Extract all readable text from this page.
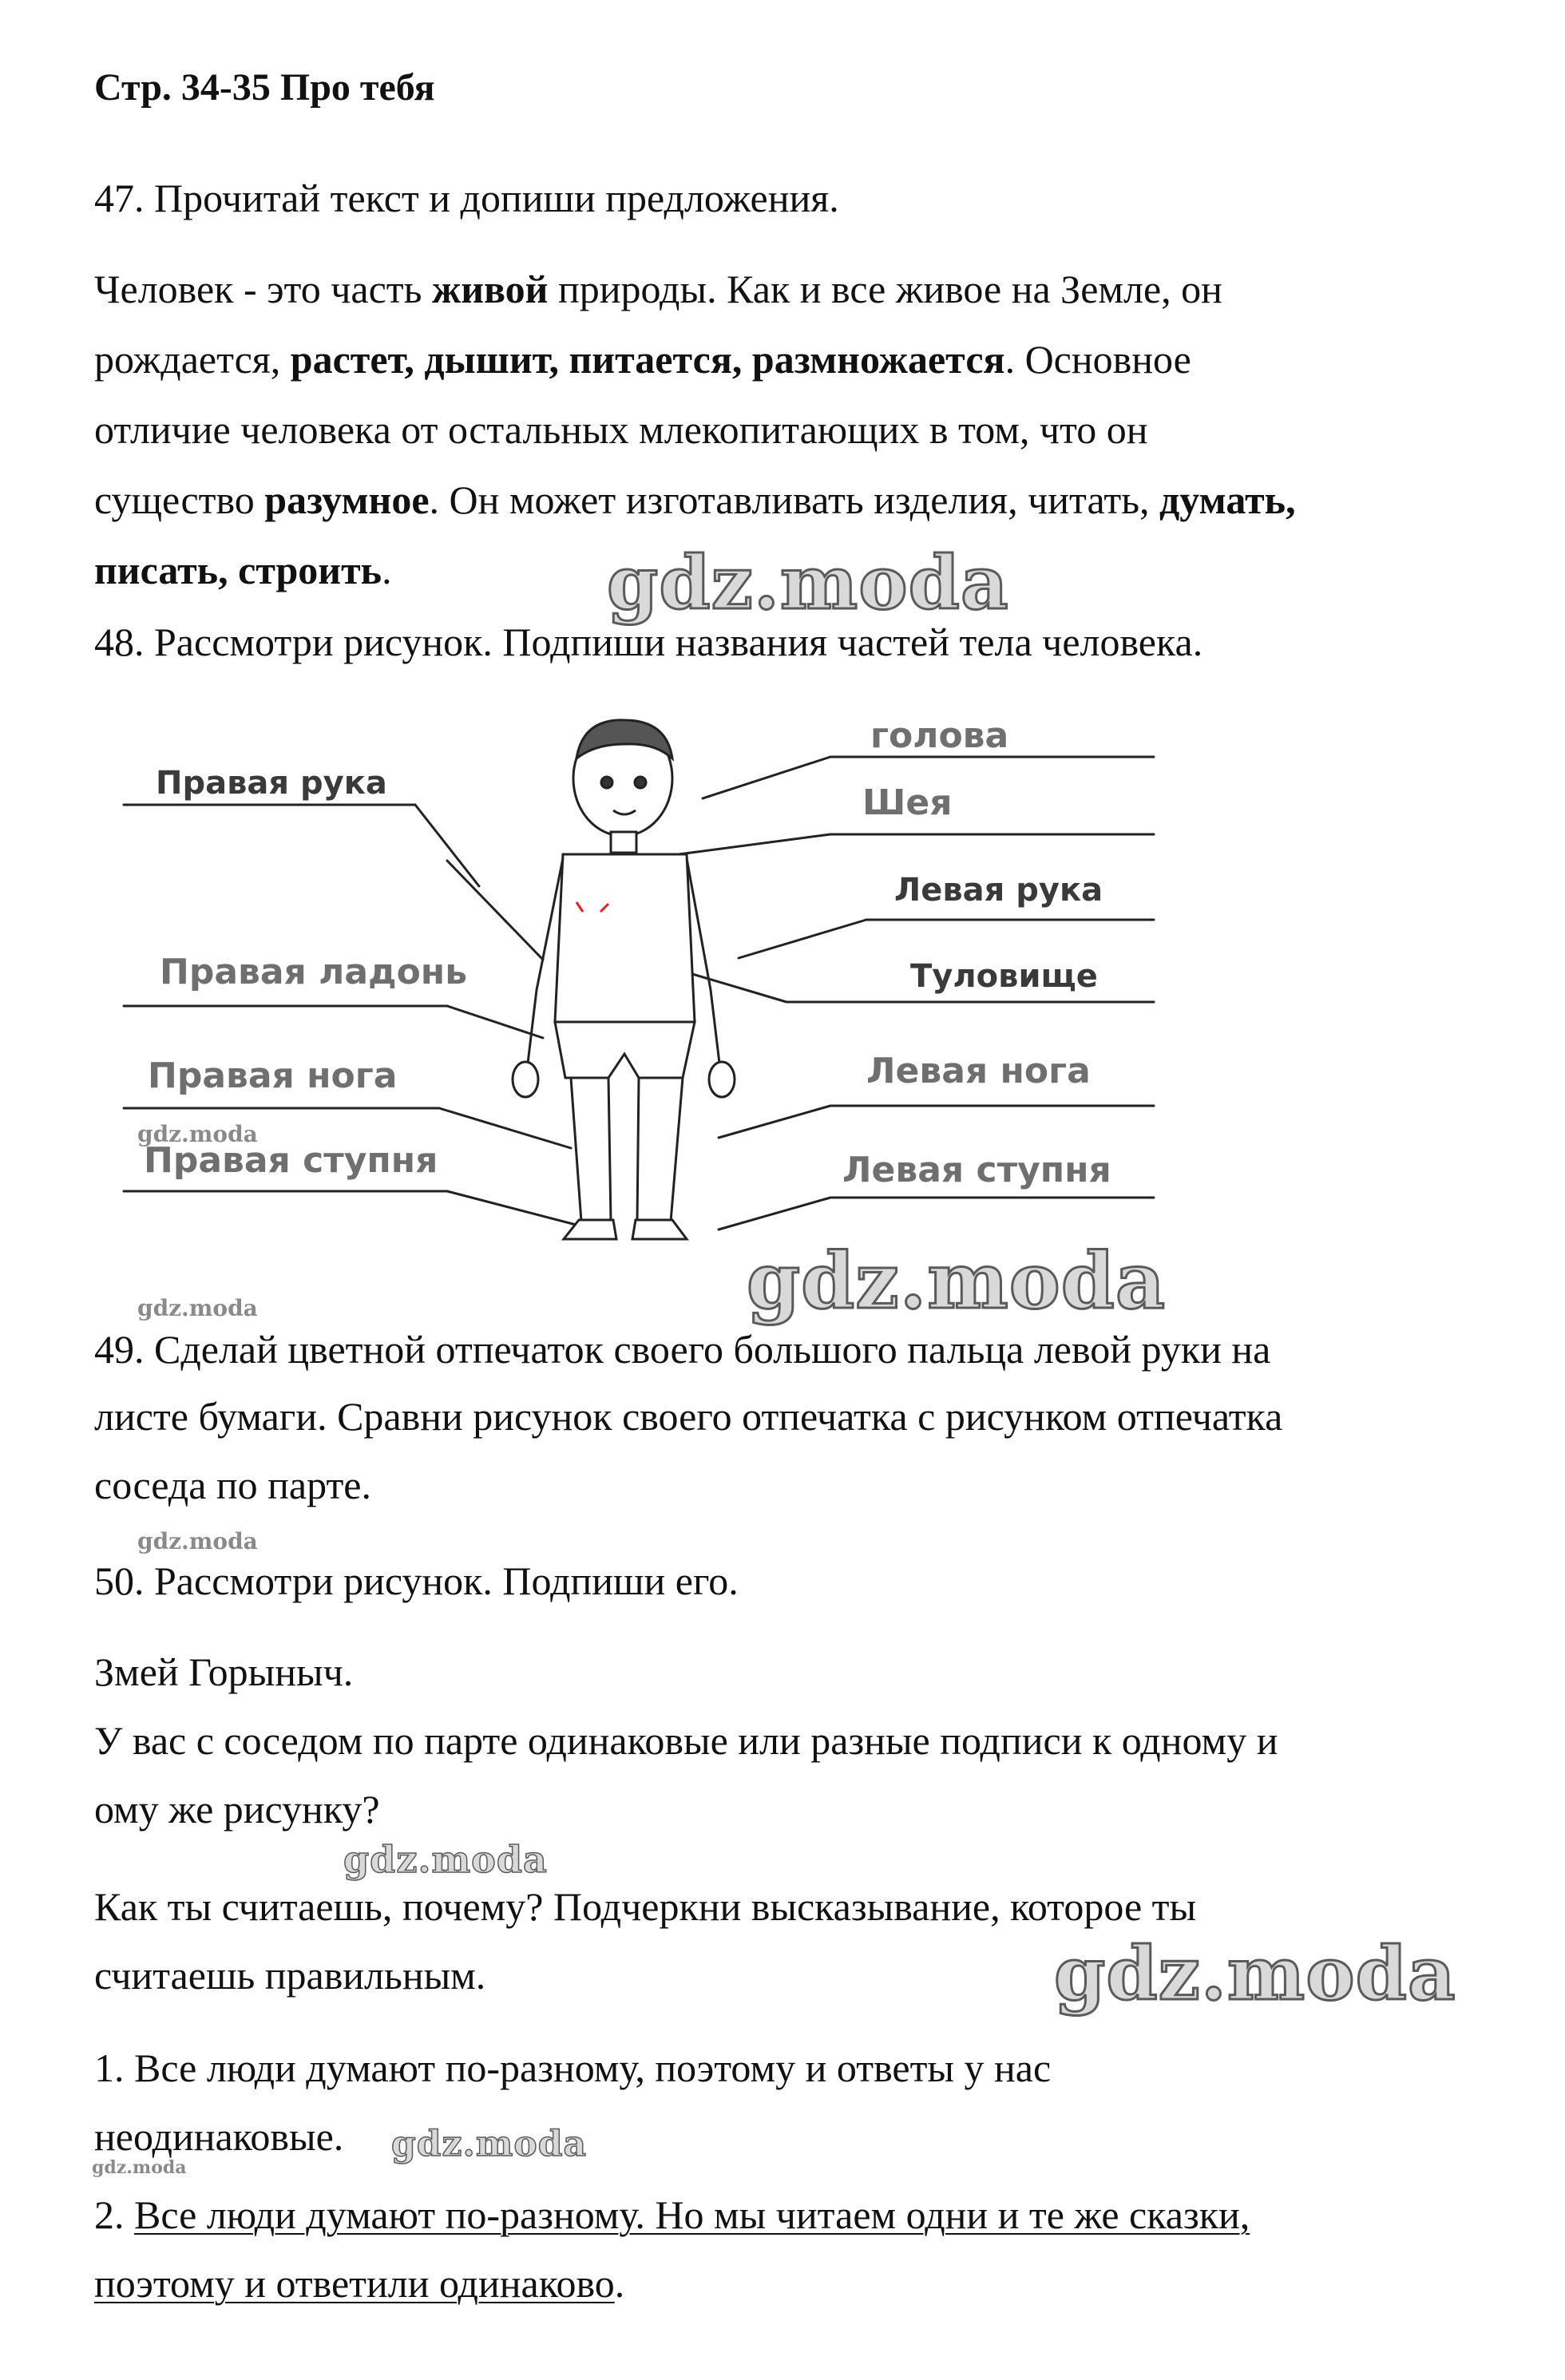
Стр. 34-35 Про тебя
47. Прочитай текст и допиши предложения.
Человек - это часть живой природы. Как и все живое на Земле, он
рождается, растет, дышит, питается, размножается. Основное
отличие человека от остальных млекопитающих в том, что он
существо разумное. Он может изготавливать изделия, читать, думать,
писать, строить.
48. Рассмотри рисунок. Подпиши названия частей тела человека.
Правая рука
Правая ладонь
Правая нога
Правая ступня
голова
Шея
Левая рука
Туловище
Левая нога
Левая ступня
49. Сделай цветной отпечаток своего большого пальца левой руки на
листе бумаги. Сравни рисунок своего отпечатка с рисунком отпечатка
соседа по парте.
50. Рассмотри рисунок. Подпиши его.
Змей Горыныч.
У вас с соседом по парте одинаковые или разные подписи к одному и
ому же рисунку?
Как ты считаешь, почему? Подчеркни высказывание, которое ты
считаешь правильным.
1. Все люди думают по-разному, поэтому и ответы у нас
неодинаковые.
2. Все люди думают по-разному. Но мы читаем одни и те же сказки,
поэтому и ответили одинаково.
gdz.moda
gdz.moda
gdz.moda
gdz.moda
gdz.moda
gdz.moda
gdz.moda
gdz.moda
gdz.moda
